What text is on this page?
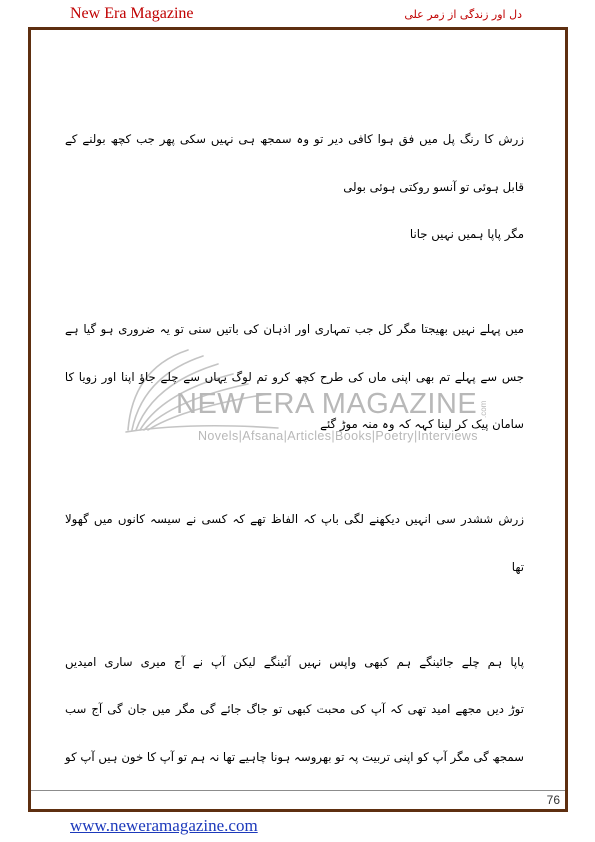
New Era Magazine	دل اور زندگی از زمر علی
NEW ERA MAGAZINE .com
Novels|Afsana|Articles|Books|Poetry|Interviews
زرش کا رنگ پل میں فق ہوا کافی دیر تو وہ سمجھ ہی نہیں سکی پھر جب کچھ بولنے کے
قابل ہوئی تو آنسو روکتی ہوئی بولی
مگر پاپا ہمیں نہیں جانا
میں پہلے نہیں بھیجتا مگر کل جب تمہاری اور اذہان کی باتیں سنی تو یہ ضروری ہو گیا ہے
جس سے پہلے تم بھی اپنی ماں کی طرح کچھ کرو تم لوگ یہاں سے چلے جاؤ اپنا اور زویا کا
سامان پیک کر لینا کہہ کہ وہ منہ موڑ گئے
زرش ششدر سی انہیں دیکھنے لگی باپ کہ الفاظ تھے کہ کسی نے سیسہ کانوں میں گھولا
تھا
پاپا ہم چلے جائینگے ہم کبھی واپس نہیں آئینگے لیکن آپ نے آج میری ساری امیدیں
توڑ دیں مجھے امید تھی کہ آپ کی محبت کبھی تو جاگ جائے گی مگر میں جان گی آج سب
سمجھ گی مگر آپ کو اپنی تربیت پہ تو بھروسہ ہونا چاہیے تھا نہ ہم تو آپ کا خون ہیں آپ کو
76
www.neweramagazine.com
